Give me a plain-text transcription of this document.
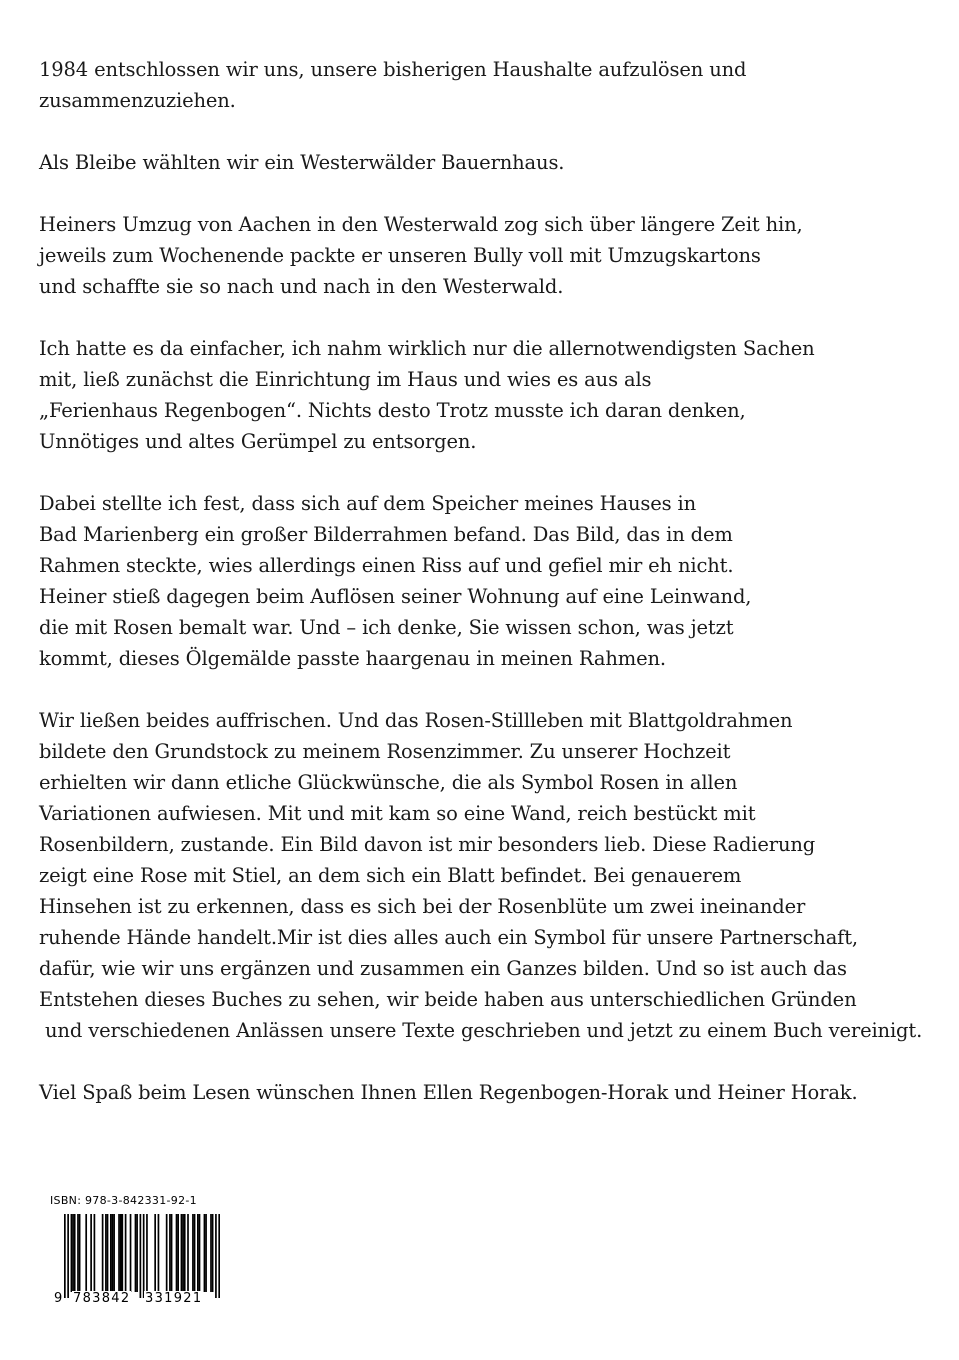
1984 entschlossen wir uns, unsere bisherigen Haushalte aufzulösen und
zusammenzuziehen.

Als Bleibe wählten wir ein Westerwälder Bauernhaus.

Heiners Umzug von Aachen in den Westerwald zog sich über längere Zeit hin,
jeweils zum Wochenende packte er unseren Bully voll mit Umzugskartons
und schaffte sie so nach und nach in den Westerwald.

Ich hatte es da einfacher, ich nahm wirklich nur die allernotwendigsten Sachen
mit, ließ zunächst die Einrichtung im Haus und wies es aus als
„Ferienhaus Regenbogen“. Nichts desto Trotz musste ich daran denken,
Unnötiges und altes Gerümpel zu entsorgen.

Dabei stellte ich fest, dass sich auf dem Speicher meines Hauses in
Bad Marienberg ein großer Bilderrahmen befand. Das Bild, das in dem
Rahmen steckte, wies allerdings einen Riss auf und gefiel mir eh nicht.
Heiner stieß dagegen beim Auflösen seiner Wohnung auf eine Leinwand,
die mit Rosen bemalt war. Und – ich denke, Sie wissen schon, was jetzt
kommt, dieses Ölgemälde passte haargenau in meinen Rahmen.

Wir ließen beides auffrischen. Und das Rosen-Stillleben mit Blattgoldrahmen
bildete den Grundstock zu meinem Rosenzimmer. Zu unserer Hochzeit
erhielten wir dann etliche Glückwünsche, die als Symbol Rosen in allen
Variationen aufwiesen. Mit und mit kam so eine Wand, reich bestückt mit
Rosenbildern, zustande. Ein Bild davon ist mir besonders lieb. Diese Radierung
zeigt eine Rose mit Stiel, an dem sich ein Blatt befindet. Bei genauerem
Hinsehen ist zu erkennen, dass es sich bei der Rosenblüte um zwei ineinander
ruhende Hände handelt.Mir ist dies alles auch ein Symbol für unsere Partnerschaft,
dafür, wie wir uns ergänzen und zusammen ein Ganzes bilden. Und so ist auch das
Entstehen dieses Buches zu sehen, wir beide haben aus unterschiedlichen Gründen
und verschiedenen Anlässen unsere Texte geschrieben und jetzt zu einem Buch vereinigt.

Viel Spaß beim Lesen wünschen Ihnen Ellen Regenbogen-Horak und Heiner Horak.

ISBN: 978-3-842331-92-1
9 783842 331921
